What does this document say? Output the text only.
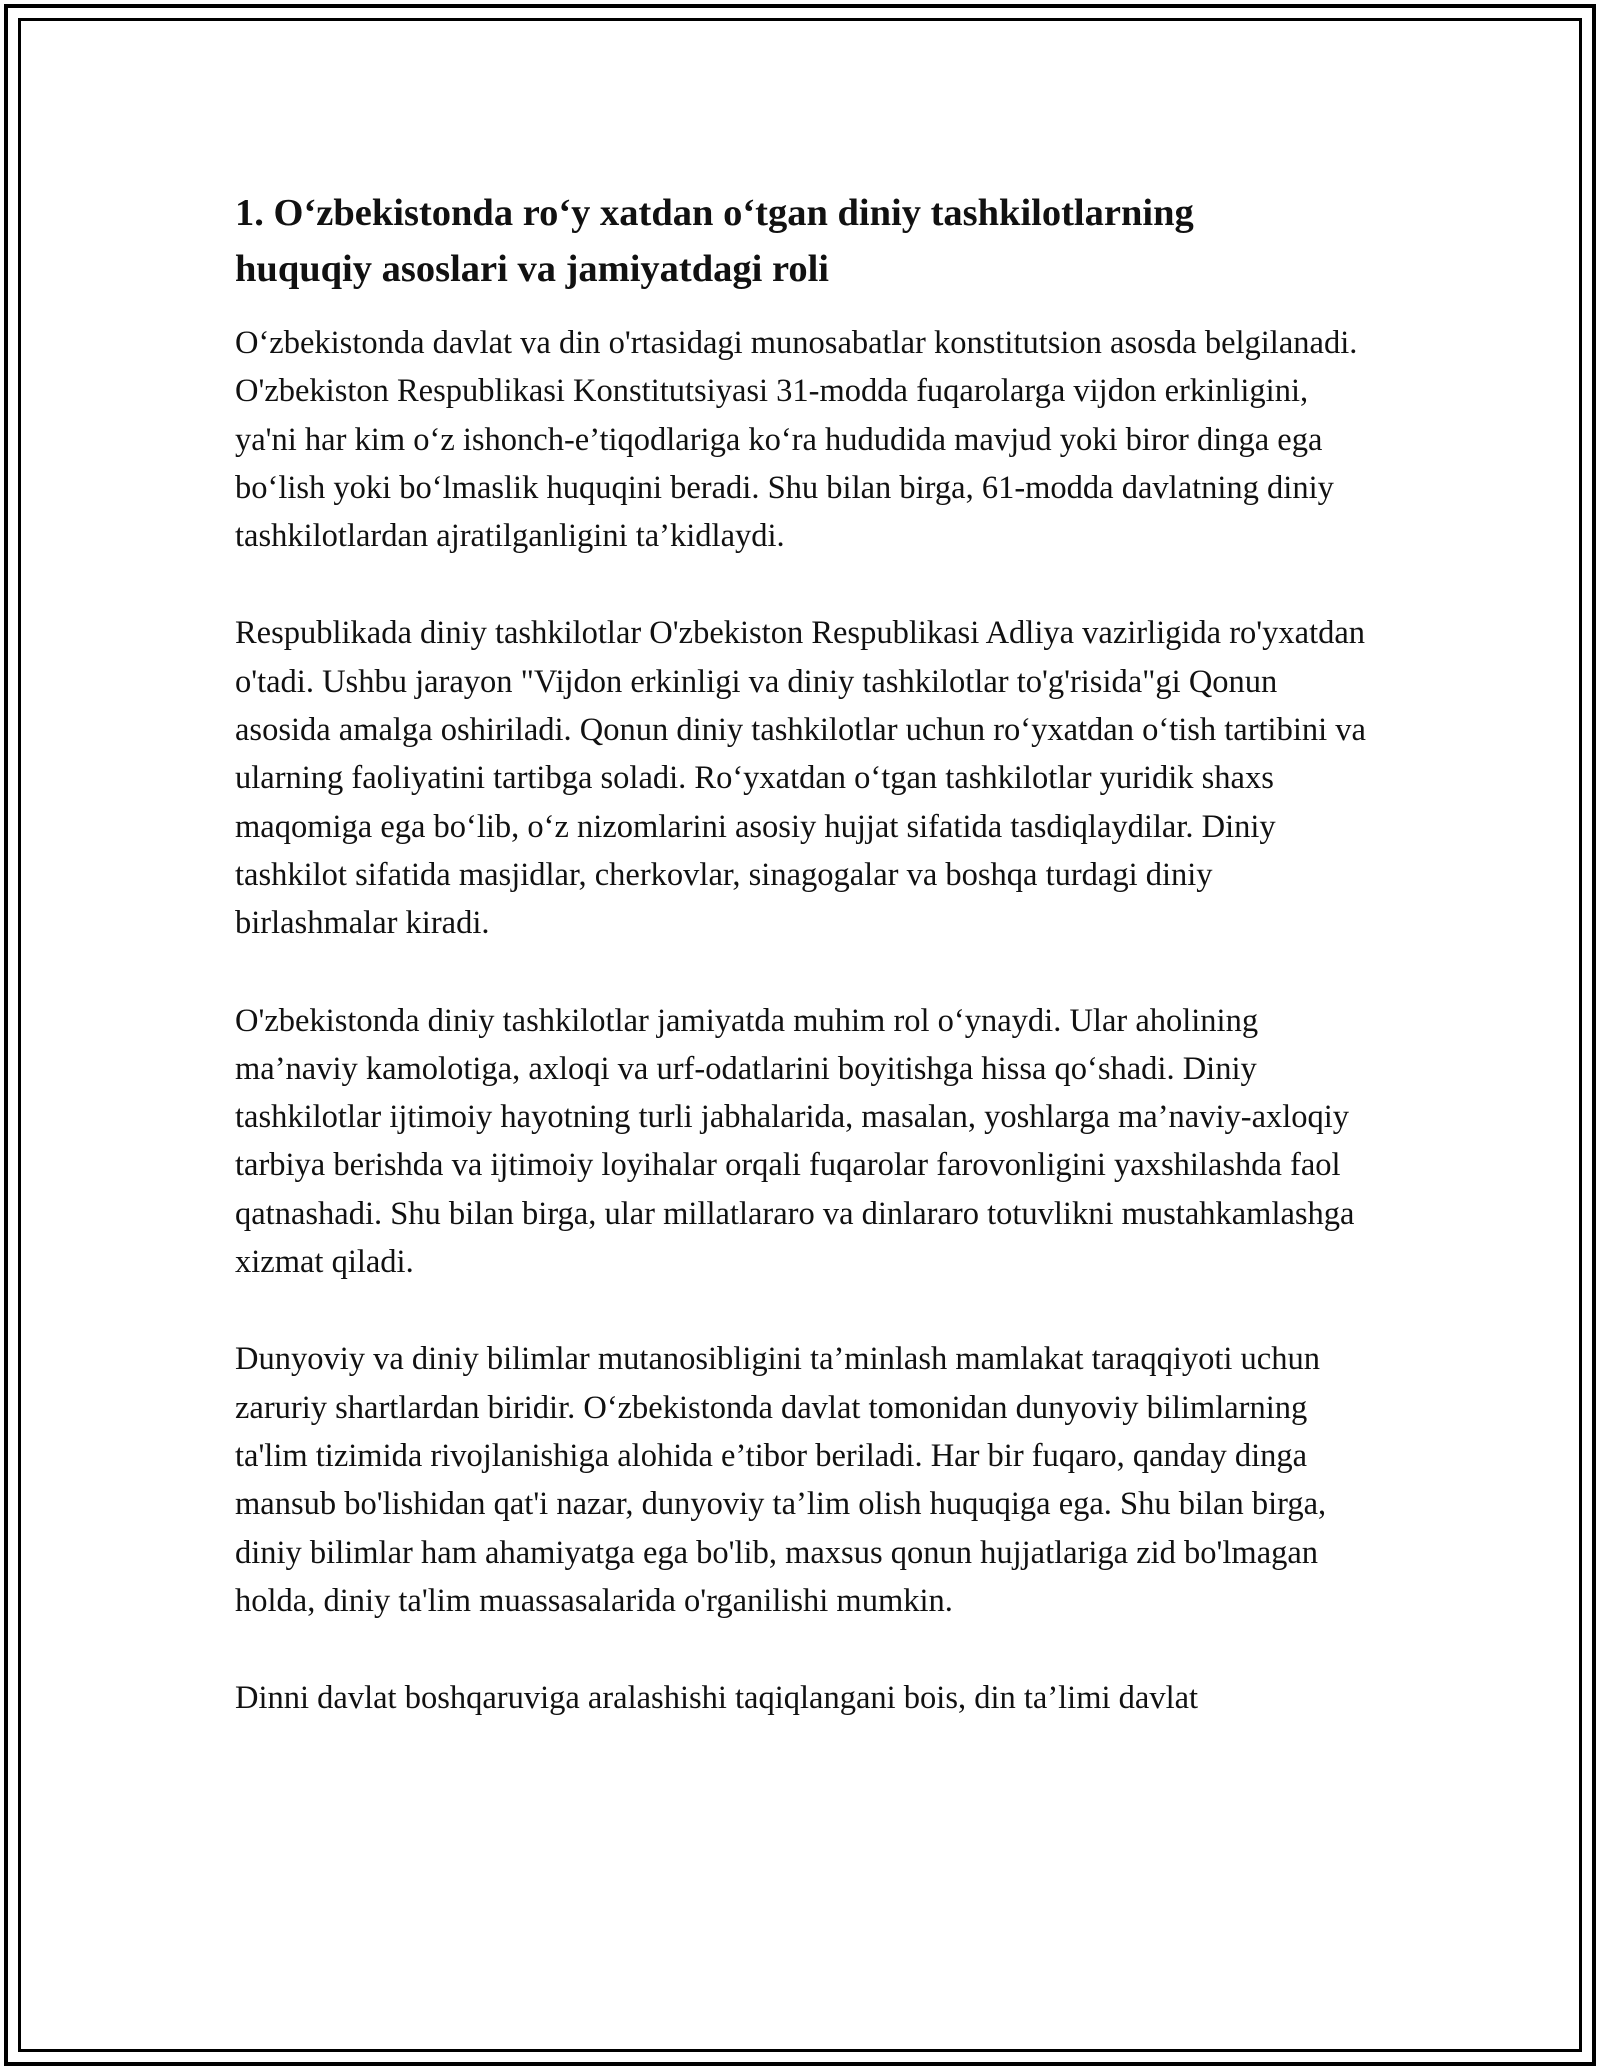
1. O‘zbekistonda ro‘y xatdan o‘tgan diniy tashkilotlarning huquqiy asoslari va jamiyatdagi roli

O‘zbekistonda davlat va din o'rtasidagi munosabatlar konstitutsion asosda belgilanadi. O'zbekiston Respublikasi Konstitutsiyasi 31-modda fuqarolarga vijdon erkinligini, ya'ni har kim o‘z ishonch-e’tiqodlariga ko‘ra hududida mavjud yoki biror dinga ega bo‘lish yoki bo‘lmaslik huquqini beradi. Shu bilan birga, 61-modda davlatning diniy tashkilotlardan ajratilganligini ta’kidlaydi.

Respublikada diniy tashkilotlar O'zbekiston Respublikasi Adliya vazirligida ro'yxatdan o'tadi. Ushbu jarayon "Vijdon erkinligi va diniy tashkilotlar to'g'risida"gi Qonun asosida amalga oshiriladi. Qonun diniy tashkilotlar uchun ro‘yxatdan o‘tish tartibini va ularning faoliyatini tartibga soladi. Ro‘yxatdan o‘tgan tashkilotlar yuridik shaxs maqomiga ega bo‘lib, o‘z nizomlarini asosiy hujjat sifatida tasdiqlaydilar. Diniy tashkilot sifatida masjidlar, cherkovlar, sinagogalar va boshqa turdagi diniy birlashmalar kiradi.

O'zbekistonda diniy tashkilotlar jamiyatda muhim rol o‘ynaydi. Ular aholining ma’naviy kamolotiga, axloqi va urf-odatlarini boyitishga hissa qo‘shadi. Diniy tashkilotlar ijtimoiy hayotning turli jabhalarida, masalan, yoshlarga ma’naviy-axloqiy tarbiya berishda va ijtimoiy loyihalar orqali fuqarolar farovonligini yaxshilashda faol qatnashadi. Shu bilan birga, ular millatlararo va dinlararo totuvlikni mustahkamlashga xizmat qiladi.

Dunyoviy va diniy bilimlar mutanosibligini ta’minlash mamlakat taraqqiyoti uchun zaruriy shartlardan biridir. O‘zbekistonda davlat tomonidan dunyoviy bilimlarning ta'lim tizimida rivojlanishiga alohida e’tibor beriladi. Har bir fuqaro, qanday dinga mansub bo'lishidan qat'i nazar, dunyoviy ta’lim olish huquqiga ega. Shu bilan birga, diniy bilimlar ham ahamiyatga ega bo'lib, maxsus qonun hujjatlariga zid bo'lmagan holda, diniy ta'lim muassasalarida o'rganilishi mumkin.

Dinni davlat boshqaruviga aralashishi taqiqlangani bois, din ta’limi davlat
